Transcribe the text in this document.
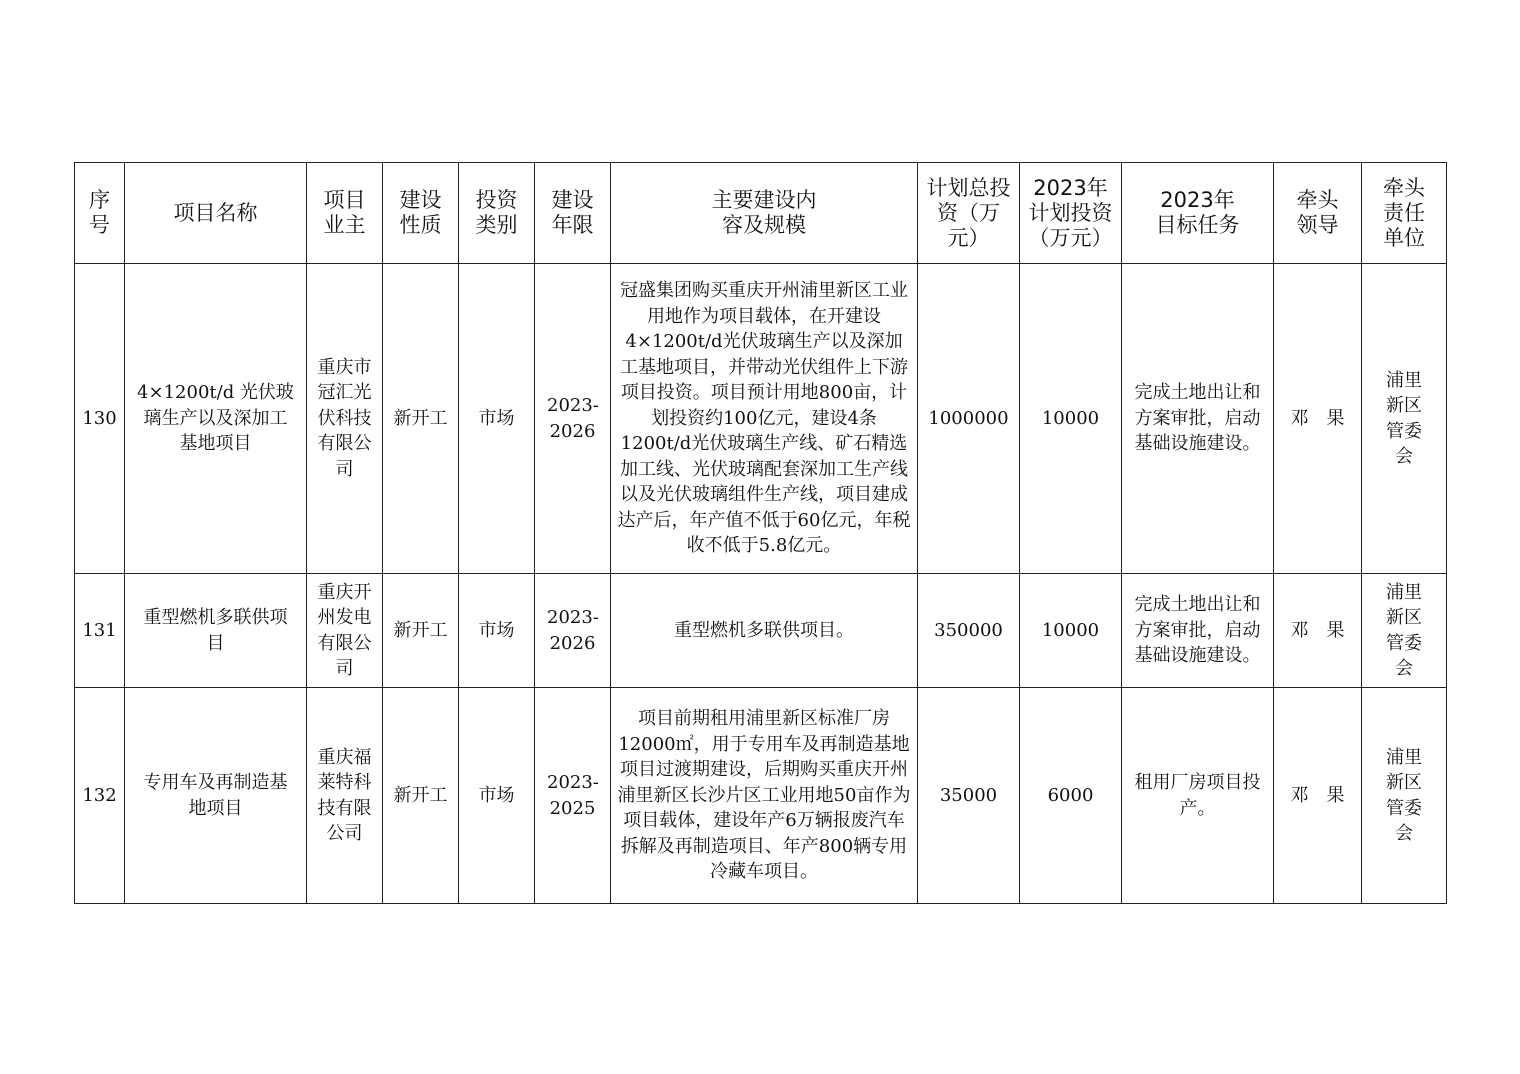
序号	项目名称	项目业主	建设性质	投资类别	建设年限	主要建设内容及规模	计划总投资（万元）	2023年计划投资（万元）	2023年目标任务	牵头领导	牵头责任单位
130	4×1200t/d 光伏玻璃生产以及深加工基地项目	重庆市冠汇光伏科技有限公司	新开工	市场	2023-2026	冠盛集团购买重庆开州浦里新区工业用地作为项目载体，在开建设4×1200t/d光伏玻璃生产以及深加工基地项目，并带动光伏组件上下游项目投资。项目预计用地800亩，计划投资约100亿元，建设4条1200t/d光伏玻璃生产线、矿石精选加工线、光伏玻璃配套深加工生产线以及光伏玻璃组件生产线，项目建成达产后，年产值不低于60亿元，年税收不低于5.8亿元。	1000000	10000	完成土地出让和方案审批，启动基础设施建设。	邓　果	浦里新区管委会
131	重型燃机多联供项目	重庆开州发电有限公司	新开工	市场	2023-2026	重型燃机多联供项目。	350000	10000	完成土地出让和方案审批，启动基础设施建设。	邓　果	浦里新区管委会
132	专用车及再制造基地项目	重庆福莱特科技有限公司	新开工	市场	2023-2025	项目前期租用浦里新区标准厂房12000㎡，用于专用车及再制造基地项目过渡期建设，后期购买重庆开州浦里新区长沙片区工业用地50亩作为项目载体，建设年产6万辆报废汽车拆解及再制造项目、年产800辆专用冷藏车项目。	35000	6000	租用厂房项目投产。	邓　果	浦里新区管委会
